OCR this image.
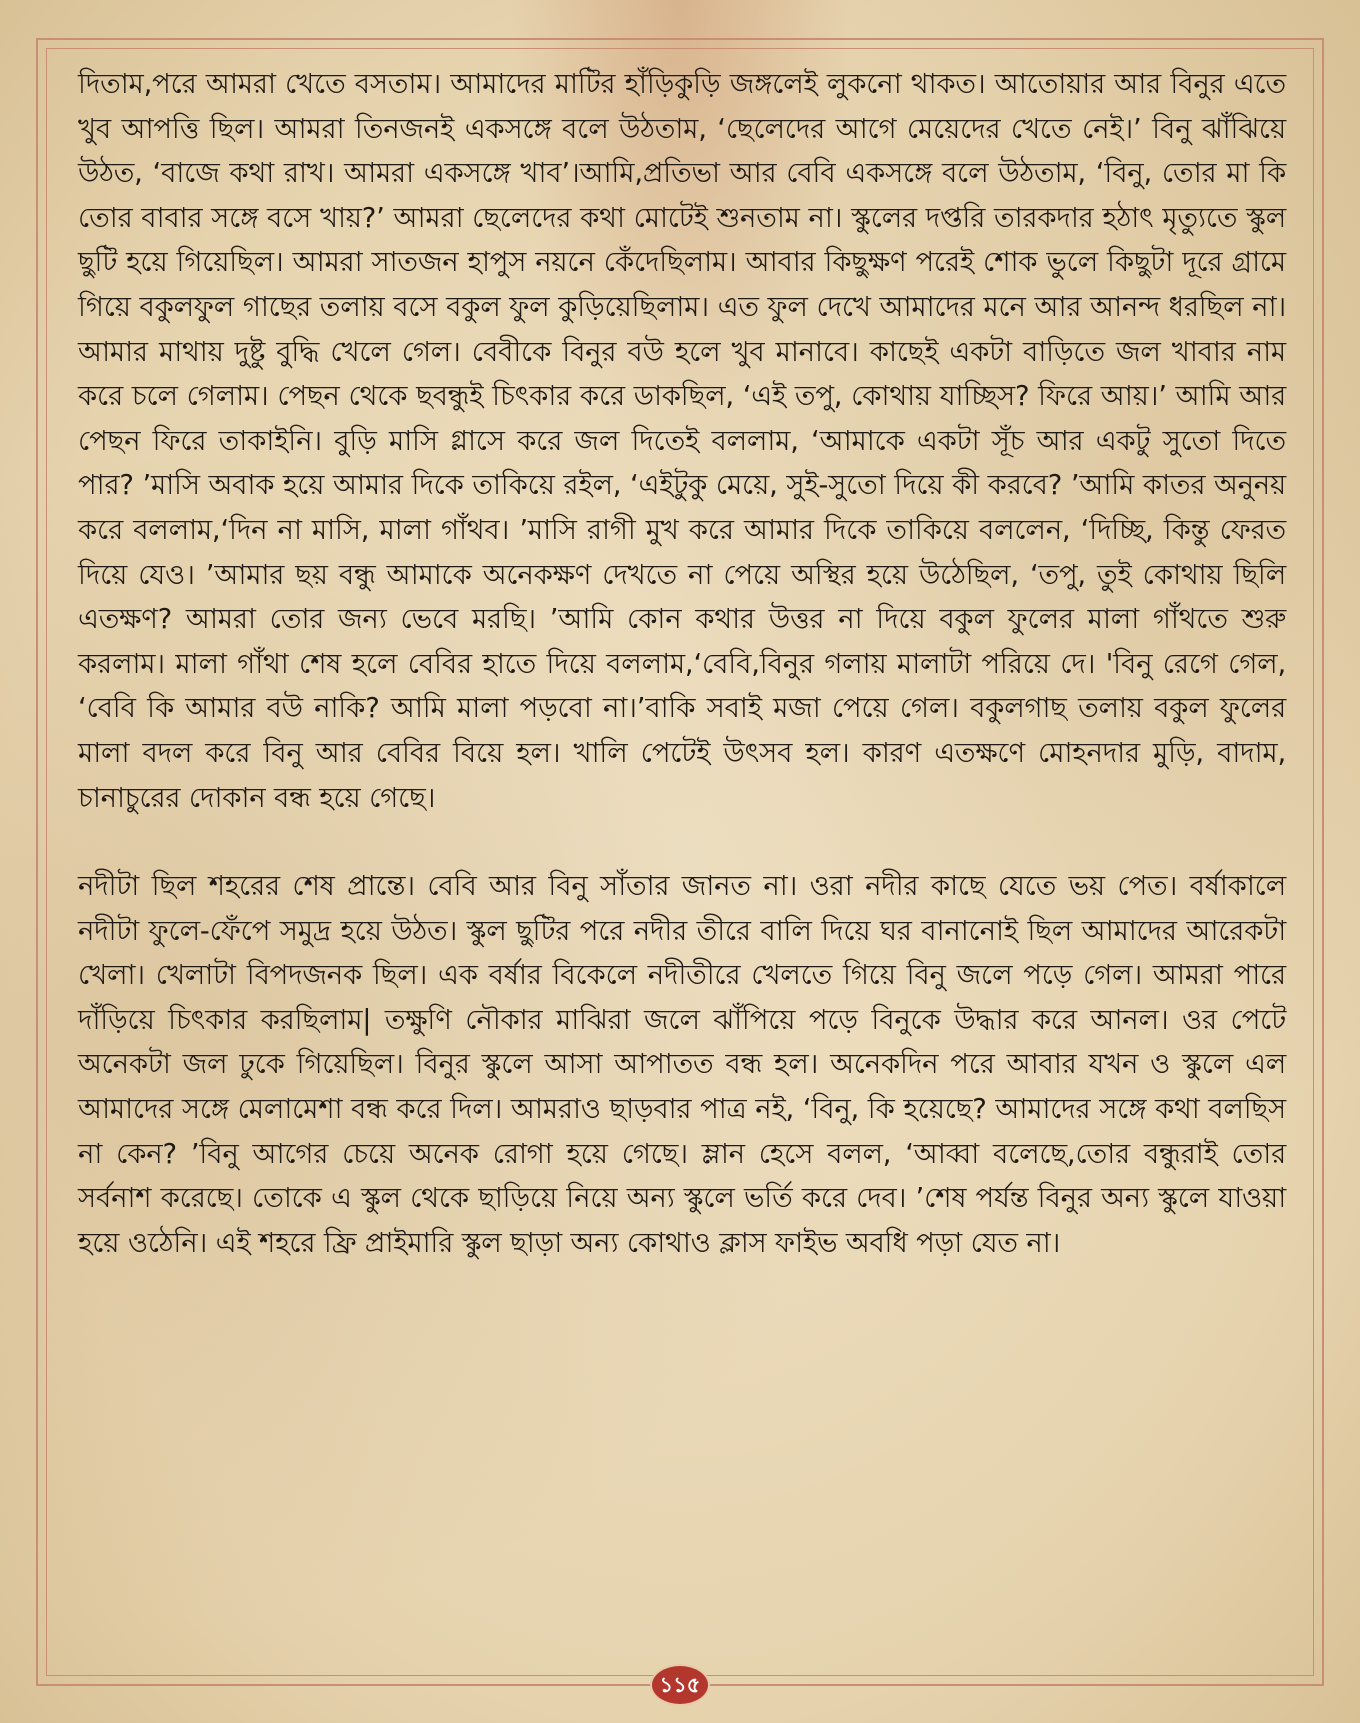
দিতাম,পরে আমরা খেতে বসতাম। আমাদের মাটির হাঁড়িকুড়ি জঙ্গলেই লুকনো থাকত। আতোয়ার আর বিনুর এতে খুব আপত্তি ছিল। আমরা তিনজনই একসঙ্গে বলে উঠতাম, ‘ছেলেদের আগে মেয়েদের খেতে নেই।’ বিনু ঝাঁঝিয়ে উঠত, ‘বাজে কথা রাখ। আমরা একসঙ্গে খাব’।আমি,প্রতিভা আর বেবি একসঙ্গে বলে উঠতাম, ‘বিনু, তোর মা কি তোর বাবার সঙ্গে বসে খায়?’ আমরা ছেলেদের কথা মোটেই শুনতাম না। স্কুলের দপ্তরি তারকদার হঠাৎ মৃত্যুতে স্কুল ছুটি হয়ে গিয়েছিল। আমরা সাতজন হাপুস নয়নে কেঁদেছিলাম। আবার কিছুক্ষণ পরেই শোক ভুলে কিছুটা দূরে গ্রামে গিয়ে বকুলফুল গাছের তলায় বসে বকুল ফুল কুড়িয়েছিলাম। এত ফুল দেখে আমাদের মনে আর আনন্দ ধরছিল না। আমার মাথায় দুষ্টু বুদ্ধি খেলে গেল। বেবীকে বিনুর বউ হলে খুব মানাবে। কাছেই একটা বাড়িতে জল খাবার নাম করে চলে গেলাম। পেছন থেকে ছবন্ধুই চিৎকার করে ডাকছিল, ‘এই তপু, কোথায় যাচ্ছিস? ফিরে আয়।’ আমি আর পেছন ফিরে তাকাইনি। বুড়ি মাসি গ্লাসে করে জল দিতেই বললাম, ‘আমাকে একটা সূঁচ আর একটু সুতো দিতে পার? ’মাসি অবাক হয়ে আমার দিকে তাকিয়ে রইল, ‘এইটুকু মেয়ে, সুই-সুতো দিয়ে কী করবে? ’আমি কাতর অনুনয় করে বললাম,‘দিন না মাসি, মালা গাঁথব। ’মাসি রাগী মুখ করে আমার দিকে তাকিয়ে বললেন, ‘দিচ্ছি, কিন্তু ফেরত দিয়ে যেও। ’আমার ছয় বন্ধু আমাকে অনেকক্ষণ দেখতে না পেয়ে অস্থির হয়ে উঠেছিল, ‘তপু, তুই কোথায় ছিলি এতক্ষণ? আমরা তোর জন্য ভেবে মরছি। ’আমি কোন কথার উত্তর না দিয়ে বকুল ফুলের মালা গাঁথতে শুরু করলাম। মালা গাঁথা শেষ হলে বেবির হাতে দিয়ে বললাম,‘বেবি,বিনুর গলায় মালাটা পরিয়ে দে। 'বিনু রেগে গেল, ‘বেবি কি আমার বউ নাকি? আমি মালা পড়বো না।’বাকি সবাই মজা পেয়ে গেল। বকুলগাছ তলায় বকুল ফুলের মালা বদল করে বিনু আর বেবির বিয়ে হল। খালি পেটেই উৎসব হল। কারণ এতক্ষণে মোহনদার মুড়ি, বাদাম, চানাচুরের দোকান বন্ধ হয়ে গেছে।

নদীটা ছিল শহরের শেষ প্রান্তে। বেবি আর বিনু সাঁতার জানত না। ওরা নদীর কাছে যেতে ভয় পেত। বর্ষাকালে নদীটা ফুলে-ফেঁপে সমুদ্র হয়ে উঠত। স্কুল ছুটির পরে নদীর তীরে বালি দিয়ে ঘর বানানোই ছিল আমাদের আরেকটা খেলা। খেলাটা বিপদজনক ছিল। এক বর্ষার বিকেলে নদীতীরে খেলতে গিয়ে বিনু জলে পড়ে গেল। আমরা পারে দাঁড়িয়ে চিৎকার করছিলাম| তক্ষুণি নৌকার মাঝিরা জলে ঝাঁপিয়ে পড়ে বিনুকে উদ্ধার করে আনল। ওর পেটে অনেকটা জল ঢুকে গিয়েছিল। বিনুর স্কুলে আসা আপাতত বন্ধ হল। অনেকদিন পরে আবার যখন ও স্কুলে এল আমাদের সঙ্গে মেলামেশা বন্ধ করে দিল। আমরাও ছাড়বার পাত্র নই, ‘বিনু, কি হয়েছে? আমাদের সঙ্গে কথা বলছিস না কেন? ’বিনু আগের চেয়ে অনেক রোগা হয়ে গেছে। ম্লান হেসে বলল, ‘আব্বা বলেছে,তোর বন্ধুরাই তোর সর্বনাশ করেছে। তোকে এ স্কুল থেকে ছাড়িয়ে নিয়ে অন্য স্কুলে ভর্তি করে দেব। ’শেষ পর্যন্ত বিনুর অন্য স্কুলে যাওয়া হয়ে ওঠেনি। এই শহরে ফ্রি প্রাইমারি স্কুল ছাড়া অন্য কোথাও ক্লাস ফাইভ অবধি পড়া যেত না।

১১৫
